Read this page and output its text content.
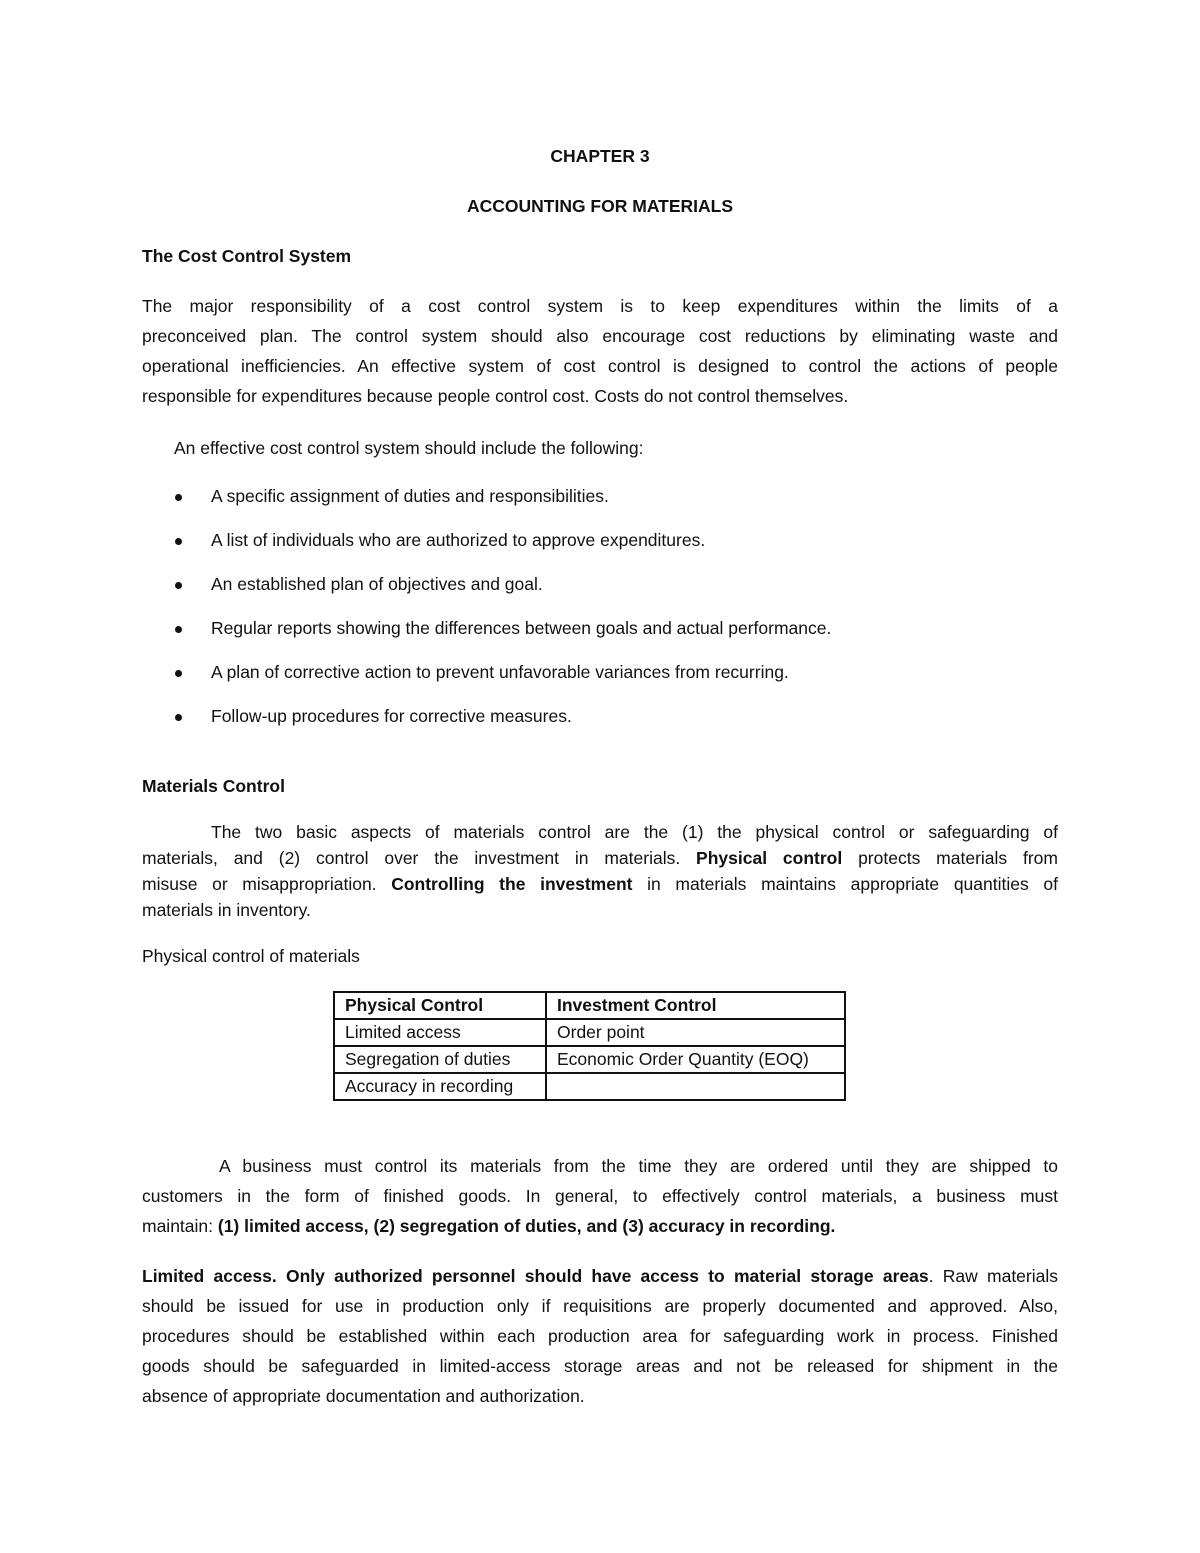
CHAPTER 3
ACCOUNTING FOR MATERIALS
The Cost Control System
The major responsibility of a cost control system is to keep expenditures within the limits of a
preconceived plan. The control system should also encourage cost reductions by eliminating waste and
operational inefficiencies. An effective system of cost control is designed to control the actions of people
responsible for expenditures because people control cost. Costs do not control themselves.
An effective cost control system should include the following:
A specific assignment of duties and responsibilities.
A list of individuals who are authorized to approve expenditures.
An established plan of objectives and goal.
Regular reports showing the differences between goals and actual performance.
A plan of corrective action to prevent unfavorable variances from recurring.
Follow-up procedures for corrective measures.
Materials Control
The two basic aspects of materials control are the (1) the physical control or safeguarding of
materials, and (2) control over the investment in materials. Physical control protects materials from
misuse or misappropriation. Controlling the investment in materials maintains appropriate quantities of
materials in inventory.
Physical control of materials
Physical Control	Investment Control
Limited access	Order point
Segregation of duties	Economic Order Quantity (EOQ)
Accuracy in recording	
A business must control its materials from the time they are ordered until they are shipped to
customers in the form of finished goods. In general, to effectively control materials, a business must
maintain: (1) limited access, (2) segregation of duties, and (3) accuracy in recording.
Limited access. Only authorized personnel should have access to material storage areas. Raw materials
should be issued for use in production only if requisitions are properly documented and approved. Also,
procedures should be established within each production area for safeguarding work in process. Finished
goods should be safeguarded in limited-access storage areas and not be released for shipment in the
absence of appropriate documentation and authorization.
